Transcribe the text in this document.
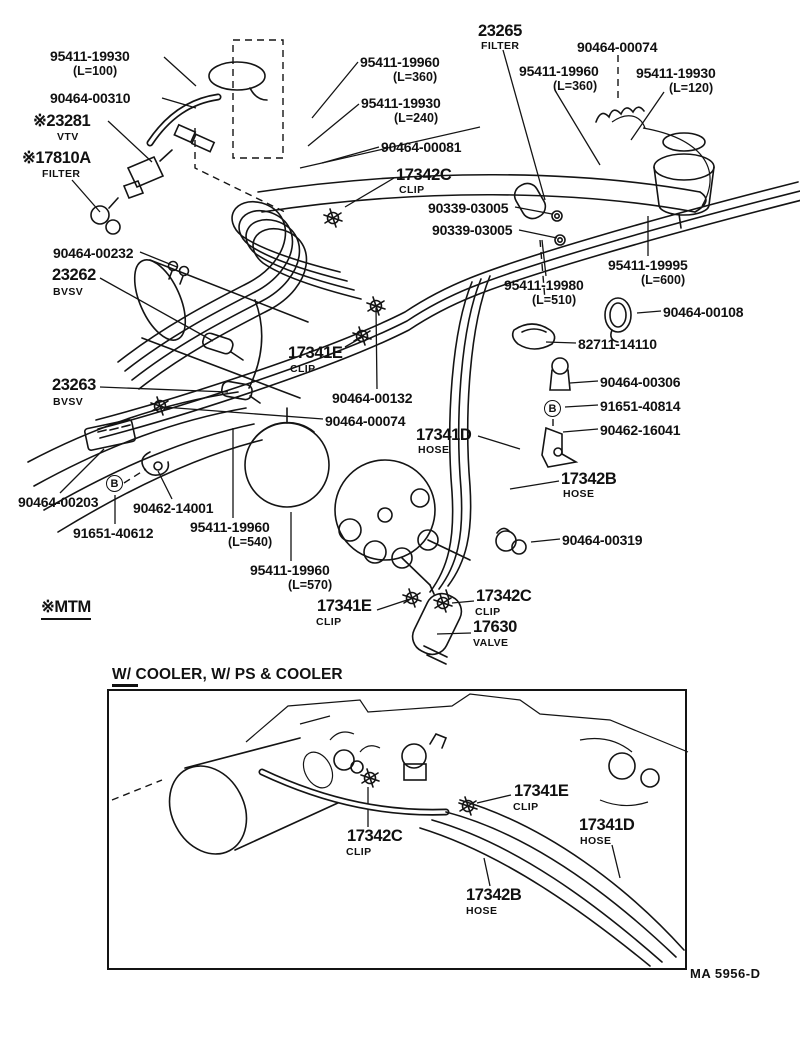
95411-19930
(L=100)
90464-00310
※23281
VTV
※17810A
FILTER
95411-19960
(L=360)
95411-19930
(L=240)
23265
FILTER
90464-00081
17342C
CLIP
90339-03005
90339-03005
90464-00074
95411-19960
(L=360)
95411-19930
(L=120)
95411-19995
(L=600)
95411-19980
(L=510)
90464-00108
82711-14110
90464-00306
91651-40814
90462-16041
17342B
HOSE
90464-00319
90464-00232
23262
BVSV
23263
BVSV
17341E
CLIP
90464-00132
90464-00074
17341D
HOSE
90464-00203 90462-14001
91651-40612	95411-19960
(L=540)
95411-19960
(L=570)
17341E
CLIP
17342C
CLIP
17630
VALVE
※MTM
17341E
CLIP
17342C
CLIP
17341D
HOSE
17342B
HOSE
B
B
W/ COOLER, W/ PS & COOLER
MA 5956-D
